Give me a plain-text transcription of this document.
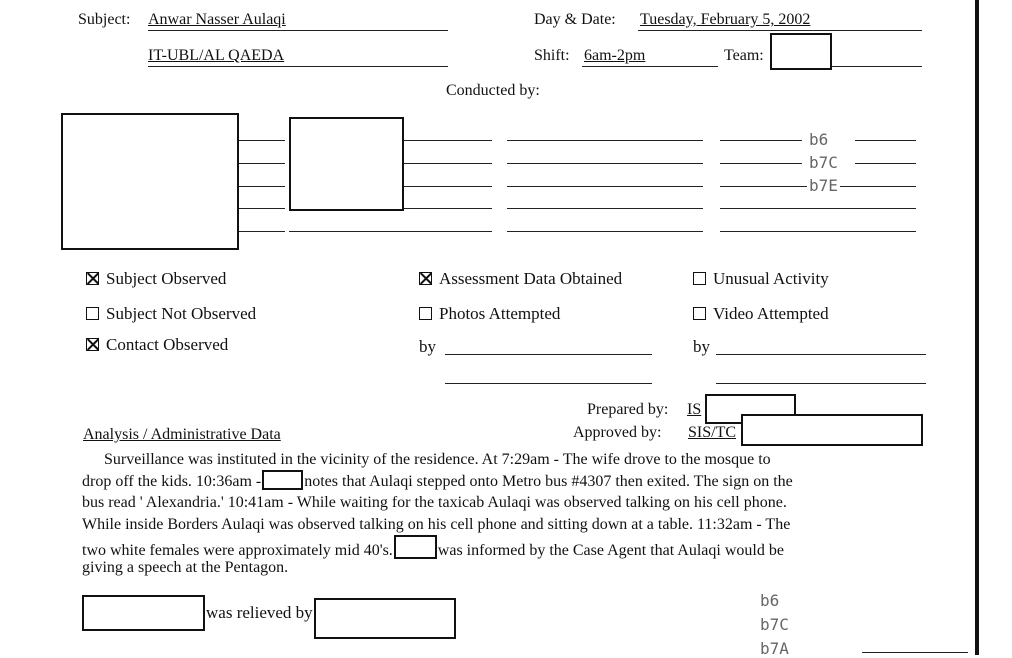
Subject: Anwar Nasser Aulaqi	Day & Date: Tuesday, February 5, 2002
IT-UBL/AL QAEDA	Shift: 6am-2pm	Team:
Conducted by:
b6
b7C
b7E
Subject Observed
Subject Not Observed
Contact Observed
Assessment Data Obtained
Photos Attempted
by
Unusual Activity
Video Attempted
by
Prepared by: IS
Approved by: SIS/TC
Analysis / Administrative Data
Surveillance was instituted in the vicinity of the residence. At 7:29am - The wife drove to the mosque to
drop off the kids. 10:36am -	notes that Aulaqi stepped onto Metro bus #4307 then exited. The sign on the
bus read ' Alexandria.' 10:41am - While waiting for the taxicab Aulaqi was observed talking on his cell phone.
While inside Borders Aulaqi was observed talking on his cell phone and sitting down at a table. 11:32am - The
two white females were approximately mid 40's.	was informed by the Case Agent that Aulaqi would be
giving a speech at the Pentagon.
was relieved by
b6
b7C
b7A
